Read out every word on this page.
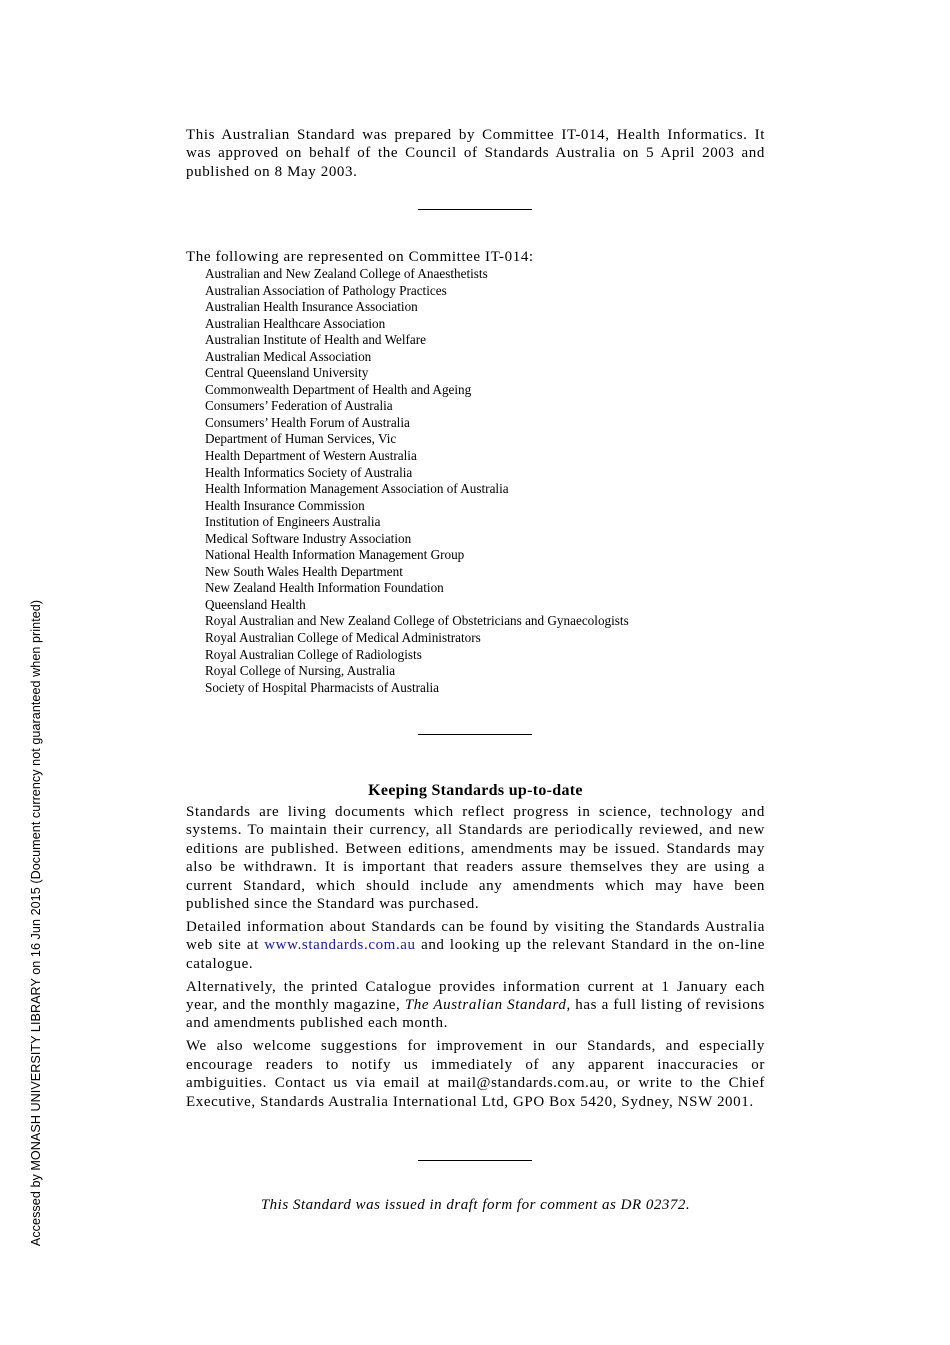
Accessed by MONASH UNIVERSITY LIBRARY on 16 Jun 2015 (Document currency not guaranteed when printed)

This Australian Standard was prepared by Committee IT-014, Health Informatics. It was approved on behalf of the Council of Standards Australia on 5 April 2003 and published on 8 May 2003.

The following are represented on Committee IT-014:

Australian and New Zealand College of Anaesthetists
Australian Association of Pathology Practices
Australian Health Insurance Association
Australian Healthcare Association
Australian Institute of Health and Welfare
Australian Medical Association
Central Queensland University
Commonwealth Department of Health and Ageing
Consumers’ Federation of Australia
Consumers’ Health Forum of Australia
Department of Human Services, Vic
Health Department of Western Australia
Health Informatics Society of Australia
Health Information Management Association of Australia
Health Insurance Commission
Institution of Engineers Australia
Medical Software Industry Association
National Health Information Management Group
New South Wales Health Department
New Zealand Health Information Foundation
Queensland Health
Royal Australian and New Zealand College of Obstetricians and Gynaecologists
Royal Australian College of Medical Administrators
Royal Australian College of Radiologists
Royal College of Nursing, Australia
Society of Hospital Pharmacists of Australia
Keeping Standards up-to-date

Standards are living documents which reflect progress in science, technology and systems. To maintain their currency, all Standards are periodically reviewed, and new editions are published. Between editions, amendments may be issued. Standards may also be withdrawn. It is important that readers assure themselves they are using a current Standard, which should include any amendments which may have been published since the Standard was purchased.

Detailed information about Standards can be found by visiting the Standards Australia web site at www.standards.com.au and looking up the relevant Standard in the on-line catalogue.

Alternatively, the printed Catalogue provides information current at 1 January each year, and the monthly magazine, The Australian Standard, has a full listing of revisions and amendments published each month.

We also welcome suggestions for improvement in our Standards, and especially encourage readers to notify us immediately of any apparent inaccuracies or ambiguities. Contact us via email at mail@standards.com.au, or write to the Chief Executive, Standards Australia International Ltd, GPO Box 5420, Sydney, NSW 2001.

This Standard was issued in draft form for comment as DR 02372.
